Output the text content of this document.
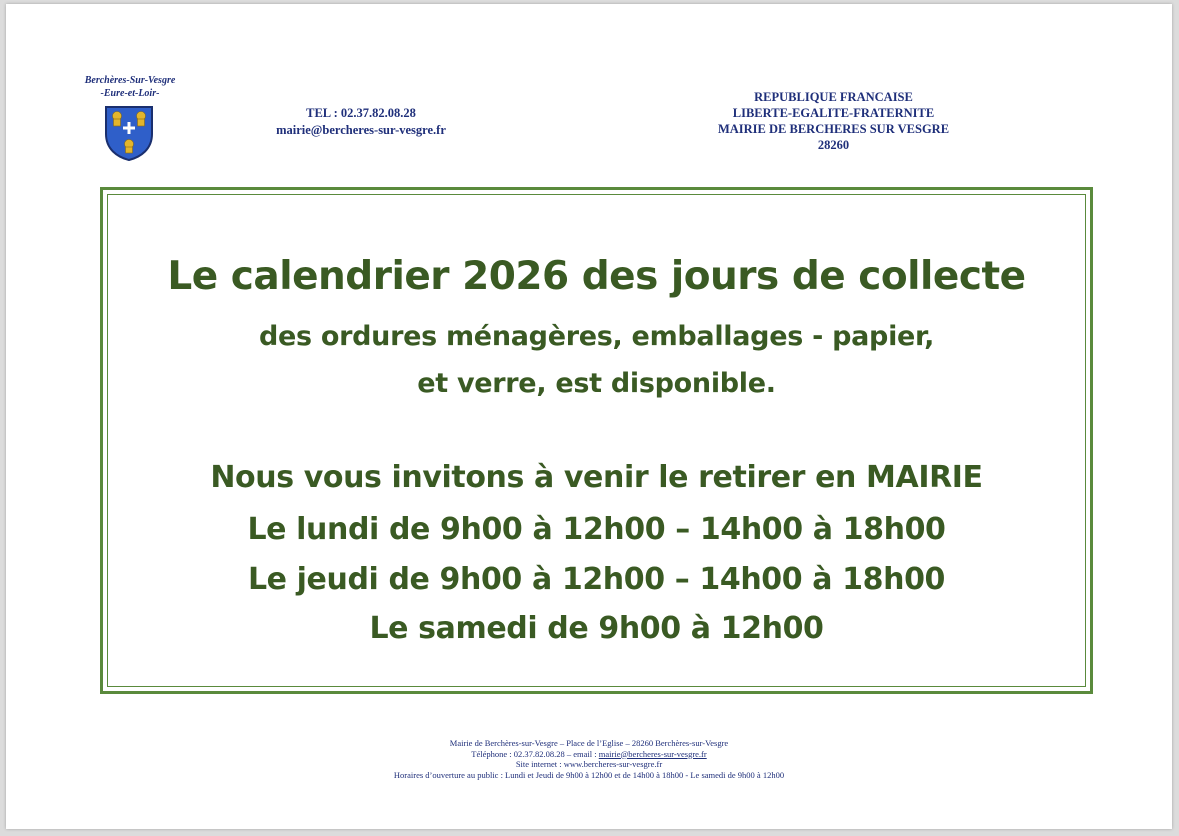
Berchères-Sur-Vesgre
-Eure-et-Loir-
TEL : 02.37.82.08.28
mairie@bercheres-sur-vesgre.fr
REPUBLIQUE FRANCAISE
LIBERTE-EGALITE-FRATERNITE
MAIRIE DE BERCHERES SUR VESGRE
28260
Le calendrier 2026 des jours de collecte
des ordures ménagères, emballages - papier,
et verre, est disponible.
Nous vous invitons à venir le retirer en MAIRIE
Le lundi de 9h00 à 12h00 – 14h00 à 18h00
Le jeudi de 9h00 à 12h00 – 14h00 à 18h00
Le samedi de 9h00 à 12h00
Mairie de Berchères-sur-Vesgre – Place de l’Eglise – 28260 Berchères-sur-Vesgre
Téléphone : 02.37.82.08.28 – email : mairie@bercheres-sur-vesgre.fr
Site internet : www.bercheres-sur-vesgre.fr
Horaires d’ouverture au public : Lundi et Jeudi de 9h00 à 12h00 et de 14h00 à 18h00 - Le samedi de 9h00 à 12h00
